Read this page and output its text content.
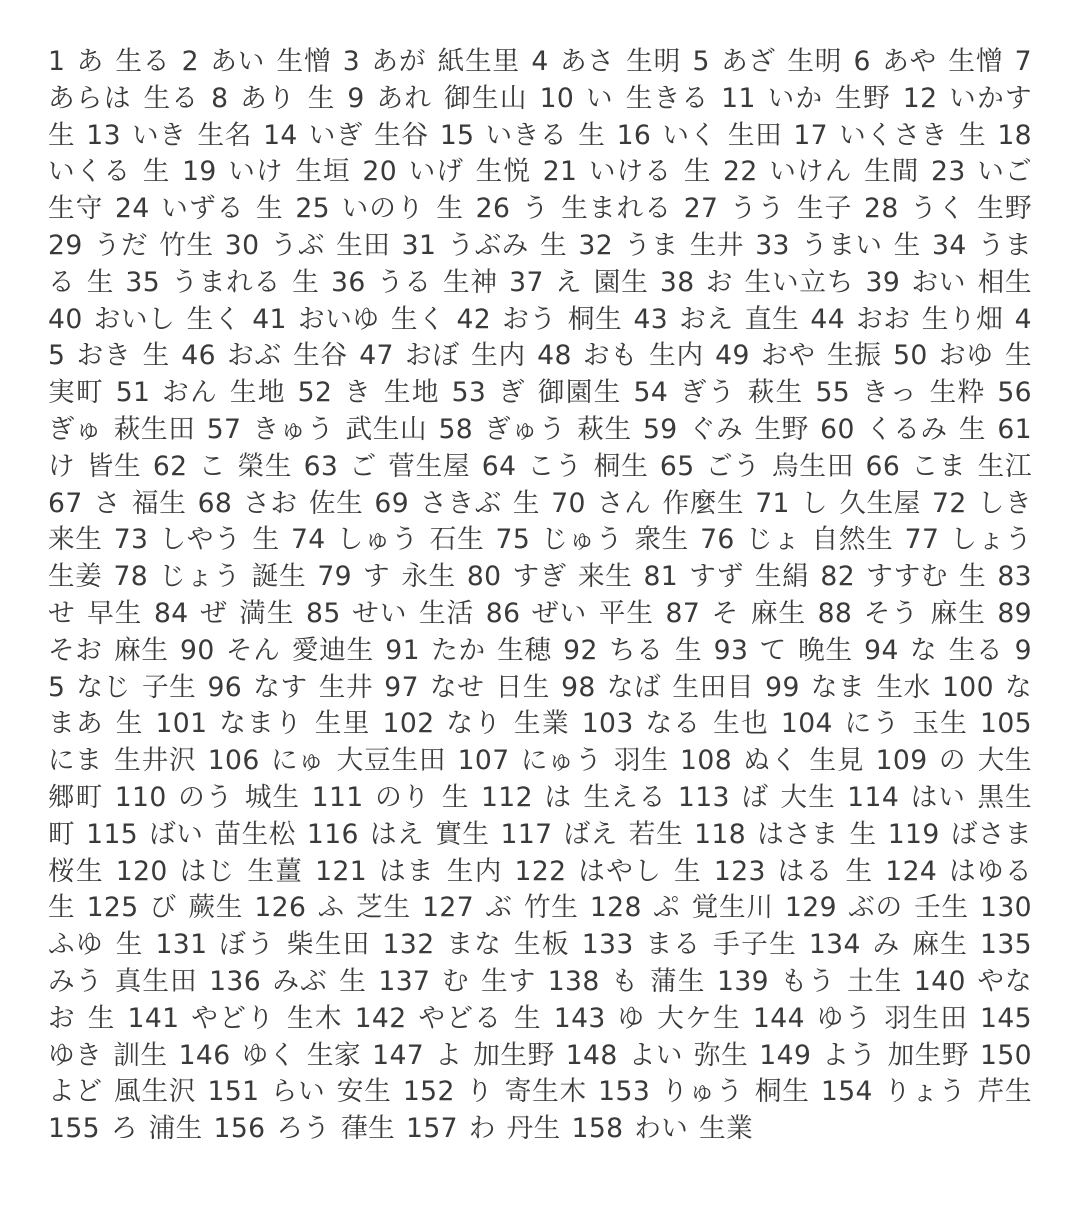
1 あ 生る 2 あい 生憎 3 あが 紙生里 4 あさ 生明 5 あざ 生明 6 あや 生憎 7 あらは 生る 8 あり 生 9 あれ 御生山 10 い 生きる 11 いか 生野 12 いかす 生 13 いき 生名 14 いぎ 生谷 15 いきる 生 16 いく 生田 17 いくさき 生 18 いくる 生 19 いけ 生垣 20 いげ 生悦 21 いける 生 22 いけん 生間 23 いご 生守 24 いずる 生 25 いのり 生 26 う 生まれる 27 うう 生子 28 うく 生野 29 うだ 竹生 30 うぶ 生田 31 うぶみ 生 32 うま 生井 33 うまい 生 34 うまる 生 35 うまれる 生 36 うる 生神 37 え 園生 38 お 生い立ち 39 おい 相生 40 おいし 生く 41 おいゆ 生く 42 おう 桐生 43 おえ 直生 44 おお 生り畑 45 おき 生 46 おぶ 生谷 47 おぼ 生内 48 おも 生内 49 おや 生振 50 おゆ 生実町 51 おん 生地 52 き 生地 53 ぎ 御園生 54 ぎう 萩生 55 きっ 生粋 56 ぎゅ 萩生田 57 きゅう 武生山 58 ぎゅう 萩生 59 ぐみ 生野 60 くるみ 生 61 け 皆生 62 こ 榮生 63 ご 菅生屋 64 こう 桐生 65 ごう 烏生田 66 こま 生江 67 さ 福生 68 さお 佐生 69 さきぶ 生 70 さん 作麼生 71 し 久生屋 72 しき 来生 73 しやう 生 74 しゅう 石生 75 じゅう 衆生 76 じょ 自然生 77 しょう 生姜 78 じょう 誕生 79 す 永生 80 すぎ 来生 81 すず 生絹 82 すすむ 生 83 せ 早生 84 ぜ 満生 85 せい 生活 86 ぜい 平生 87 そ 麻生 88 そう 麻生 89 そお 麻生 90 そん 愛迪生 91 たか 生穂 92 ちる 生 93 て 晩生 94 な 生る 95 なじ 子生 96 なす 生井 97 なせ 日生 98 なば 生田目 99 なま 生水 100 なまあ 生 101 なまり 生里 102 なり 生業 103 なる 生也 104 にう 玉生 105 にま 生井沢 106 にゅ 大豆生田 107 にゅう 羽生 108 ぬく 生見 109 の 大生郷町 110 のう 城生 111 のり 生 112 は 生える 113 ば 大生 114 はい 黒生町 115 ばい 苗生松 116 はえ 實生 117 ばえ 若生 118 はさま 生 119 ばさま 桜生 120 はじ 生薑 121 はま 生内 122 はやし 生 123 はる 生 124 はゆる 生 125 び 蕨生 126 ふ 芝生 127 ぶ 竹生 128 ぷ 覚生川 129 ぶの 壬生 130 ふゆ 生 131 ぼう 柴生田 132 まな 生板 133 まる 手子生 134 み 麻生 135 みう 真生田 136 みぶ 生 137 む 生す 138 も 蒲生 139 もう 土生 140 やなお 生 141 やどり 生木 142 やどる 生 143 ゆ 大ケ生 144 ゆう 羽生田 145 ゆき 訓生 146 ゆく 生家 147 よ 加生野 148 よい 弥生 149 よう 加生野 150 よど 風生沢 151 らい 安生 152 り 寄生木 153 りゅう 桐生 154 りょう 芹生 155 ろ 浦生 156 ろう 葎生 157 わ 丹生 158 わい 生業
